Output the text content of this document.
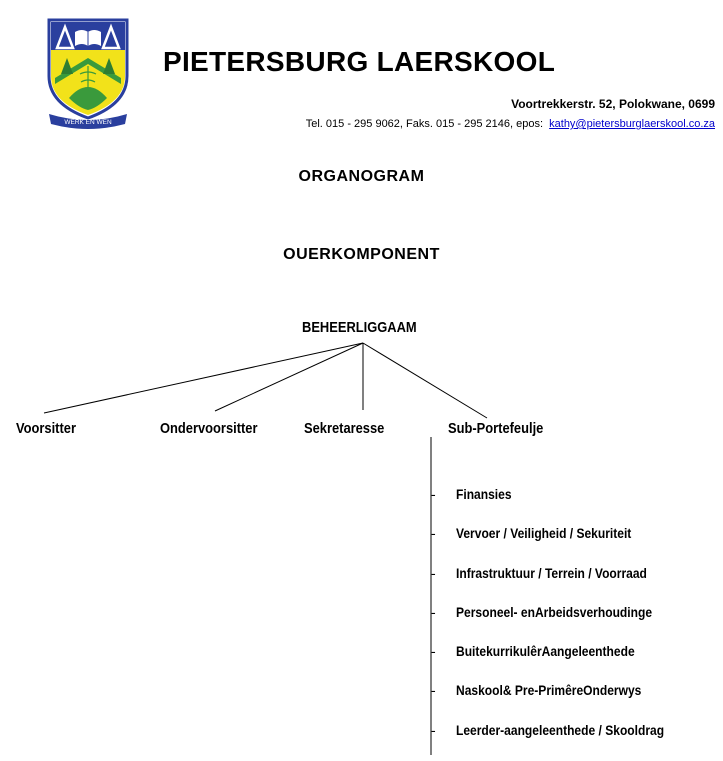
WERK EN WEN
PIETERSBURG LAERSKOOL
Voortrekkerstr. 52, Polokwane, 0699
Tel. 015 - 295 9062, Faks. 015 - 295 2146, epos: kathy@pietersburglaerskool.co.za
ORGANOGRAM
OUERKOMPONENT
BEHEERLIGGAAM
Voorsitter	Ondervoorsitter	Sekretaresse	Sub-Portefeulje
-	Finansies
-	Vervoer / Veiligheid / Sekuriteit
-	Infrastruktuur / Terrein / Voorraad
-	Personeel- enArbeidsverhoudinge
-	BuitekurrikulêrAangeleenthede
-	Naskool& Pre-PrimêreOnderwys
-	Leerder-aangeleenthede / Skooldrag
